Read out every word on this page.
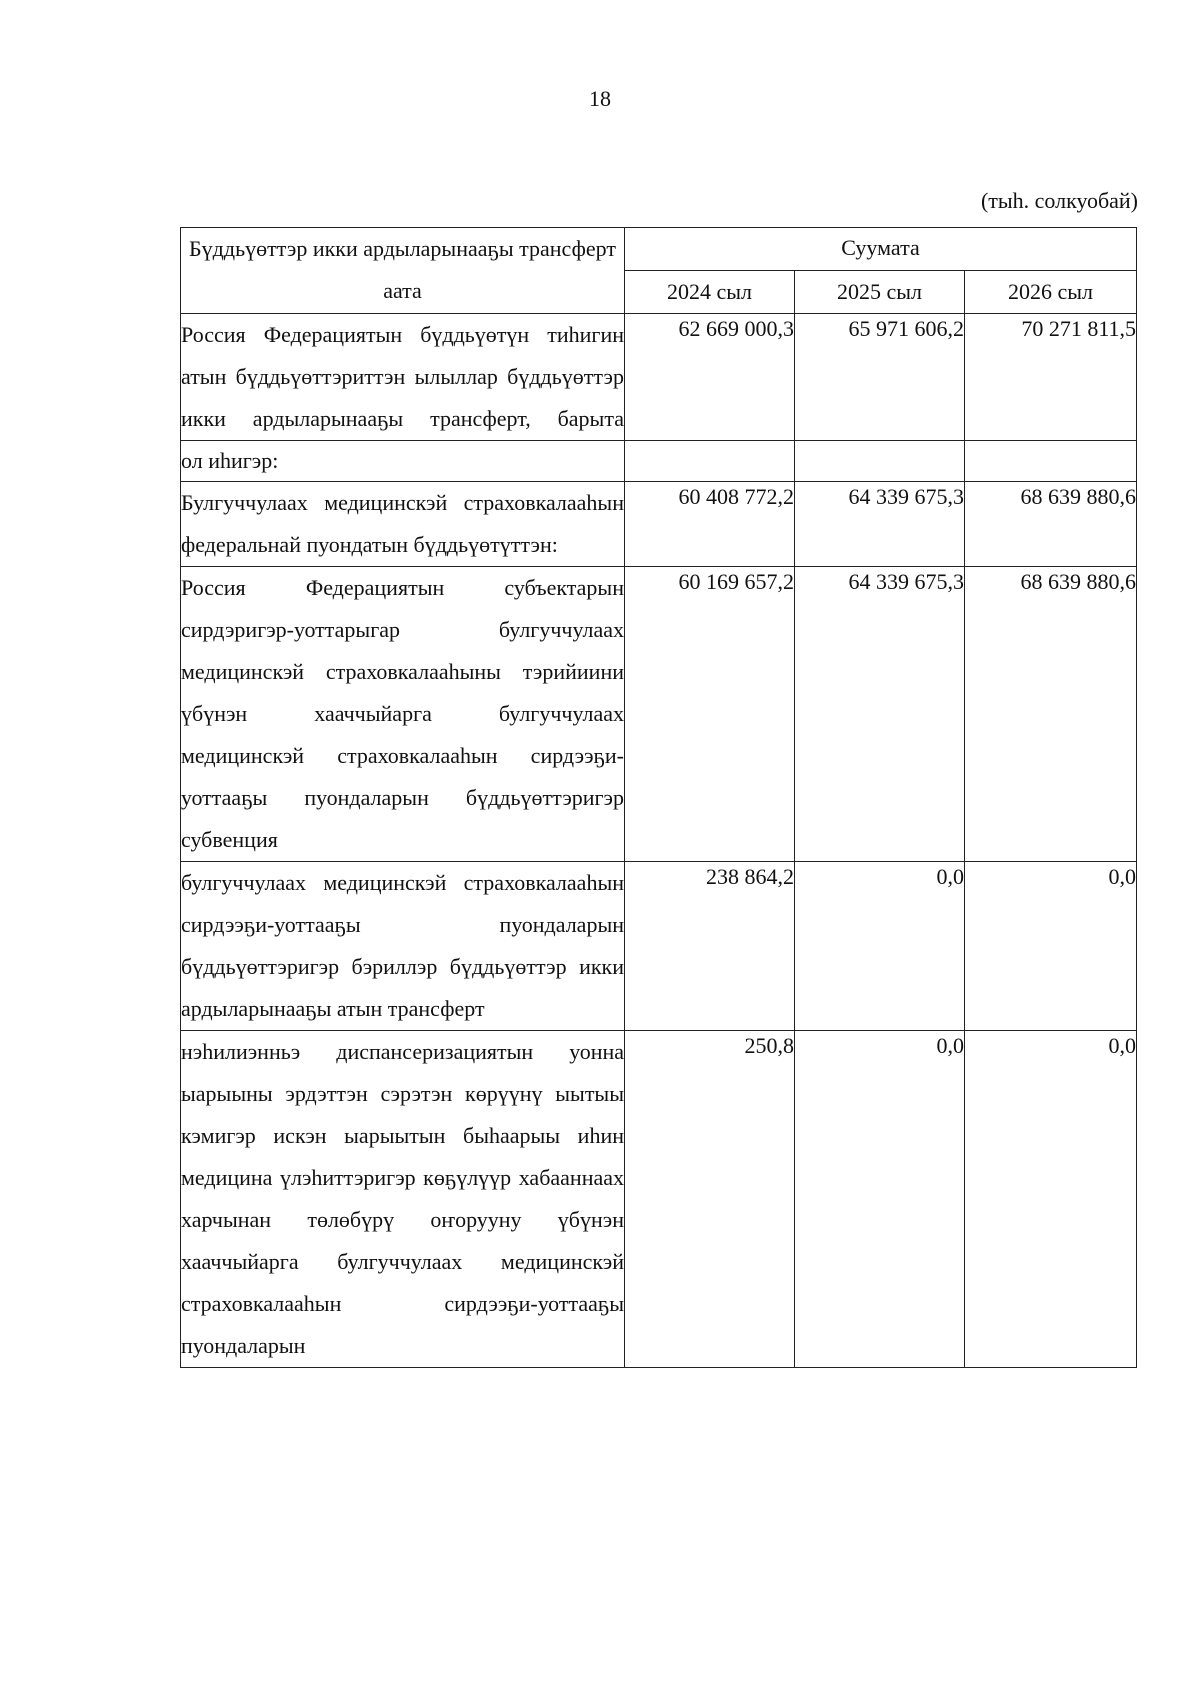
18
(тыһ. солкуобай)
Бүддьүөттэр икки ардыларынааҕы трансферт аата	Суумата		
	2024 сыл	2025 сыл	2026 сыл
Россия Федерациятын бүддьүөтүн тиһигин атын бүддьүөттэриттэн ылыллар бүддьүөттэр икки ардыларынааҕы трансферт, барыта	62 669 000,3	65 971 606,2	70 271 811,5
ол иһигэр:			
Булгуччулаах медицинскэй страховкалааһын федеральнай пуондатын бүддьүөтүттэн:	60 408 772,2	64 339 675,3	68 639 880,6
Россия Федерациятын субъектарын сирдэригэр-уоттарыгар булгуччулаах медицинскэй страховкалааһыны тэрийиини үбүнэн хааччыйарга булгуччулаах медицинскэй страховкалааһын сирдээҕи-уоттааҕы пуондаларын бүддьүөттэригэр субвенция	60 169 657,2	64 339 675,3	68 639 880,6
булгуччулаах медицинскэй страховкалааһын сирдээҕи-уоттааҕы пуондаларын бүддьүөттэригэр бэриллэр бүддьүөттэр икки ардыларынааҕы атын трансферт	238 864,2	0,0	0,0
нэһилиэнньэ диспансеризациятын уонна ыарыыны эрдэттэн сэрэтэн көрүүнү ыытыы кэмигэр искэн ыарыытын быһаарыы иһин медицина үлэһиттэригэр көҕүлүүр хабааннаах харчынан төлөбүрү оҥорууну үбүнэн хааччыйарга булгуччулаах медицинскэй страховкалааһын сирдээҕи-уоттааҕы пуондаларын	250,8	0,0	0,0
